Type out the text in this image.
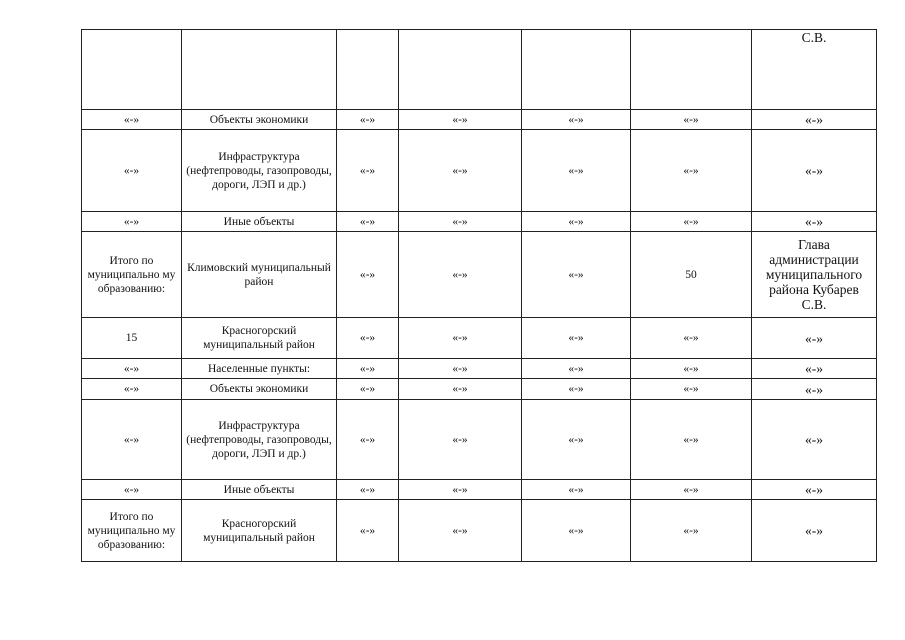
						С.В.
«-»	Объекты экономики	«-»	«-»	«-»	«-»	«-»
«-»	Инфраструктура (нефтепроводы, газопроводы, дороги, ЛЭП и др.)	«-»	«-»	«-»	«-»	«-»
«-»	Иные объекты	«-»	«-»	«-»	«-»	«-»
Итого по муниципально му образованию:	Климовский муниципальный район	«-»	«-»	«-»	50	Глава администрации муниципального района Кубарев С.В.
15	Красногорский муниципальный район	«-»	«-»	«-»	«-»	«-»
«-»	Населенные пункты:	«-»	«-»	«-»	«-»	«-»
«-»	Объекты экономики	«-»	«-»	«-»	«-»	«-»
«-»	Инфраструктура (нефтепроводы, газопроводы, дороги, ЛЭП и др.)	«-»	«-»	«-»	«-»	«-»
«-»	Иные объекты	«-»	«-»	«-»	«-»	«-»
Итого по муниципально му образованию:	Красногорский муниципальный район	«-»	«-»	«-»	«-»	«-»
